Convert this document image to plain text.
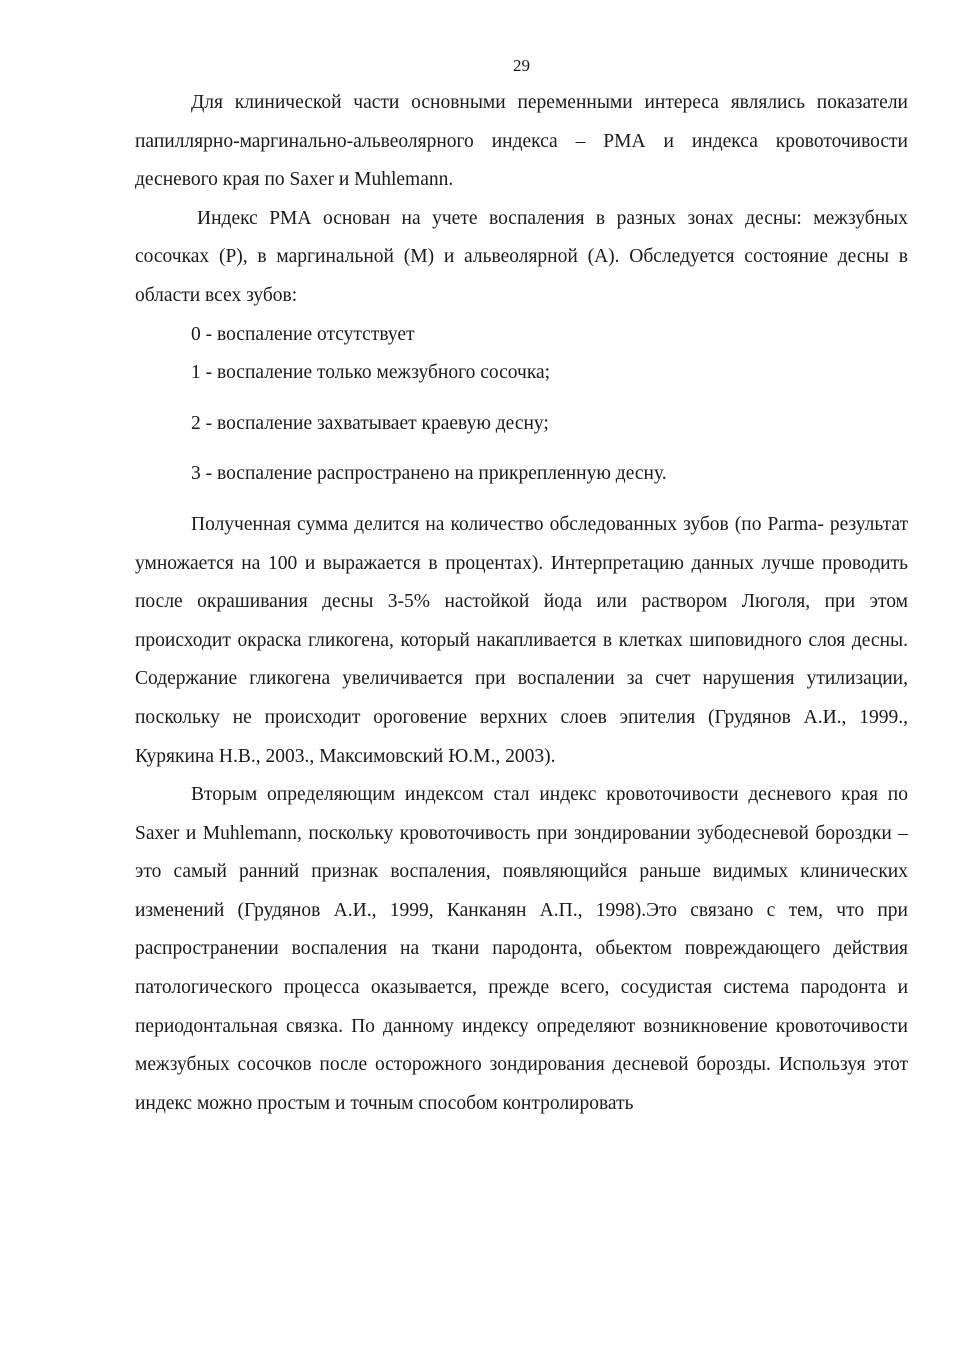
29

Для клинической части основными переменными интереса являлись показатели папиллярно-маргинально-альвеолярного индекса – РМА и индекса кровоточивости десневого края по Saxer и Muhlemann.

Индекс РМА основан на учете воспаления в разных зонах десны: межзубных сосочках (Р), в маргинальной (М) и альвеолярной (А). Обследуется состояние десны в области всех зубов:

0 - воспаление отсутствует

1 - воспаление только межзубного сосочка;

2 - воспаление захватывает краевую десну;

3 - воспаление распространено на прикрепленную десну.

Полученная сумма делится на количество обследованных зубов (по Parma- результат умножается на 100 и выражается в процентах). Интерпретацию данных лучше проводить после окрашивания десны 3-5% настойкой йода или раствором Люголя, при этом происходит окраска гликогена, который накапливается в клетках шиповидного слоя десны. Содержание гликогена увеличивается при воспалении за счет нарушения утилизации, поскольку не происходит ороговение верхних слоев эпителия (Грудянов А.И., 1999., Курякина Н.В., 2003., Максимовский Ю.М., 2003).

Вторым определяющим индексом стал индекс кровоточивости десневого края по Saxer и Muhlemann, поскольку кровоточивость при зондировании зубодесневой бороздки – это самый ранний признак воспаления, появляющийся раньше видимых клинических изменений (Грудянов А.И., 1999, Канканян А.П., 1998).Это связано с тем, что при распространении воспаления на ткани пародонта, обьектом повреждающего действия патологического процесса оказывается, прежде всего, сосудистая система пародонта и периодонтальная связка. По данному индексу определяют возникновение кровоточивости межзубных сосочков после осторожного зондирования десневой борозды. Используя этот индекс можно простым и точным способом контролировать
